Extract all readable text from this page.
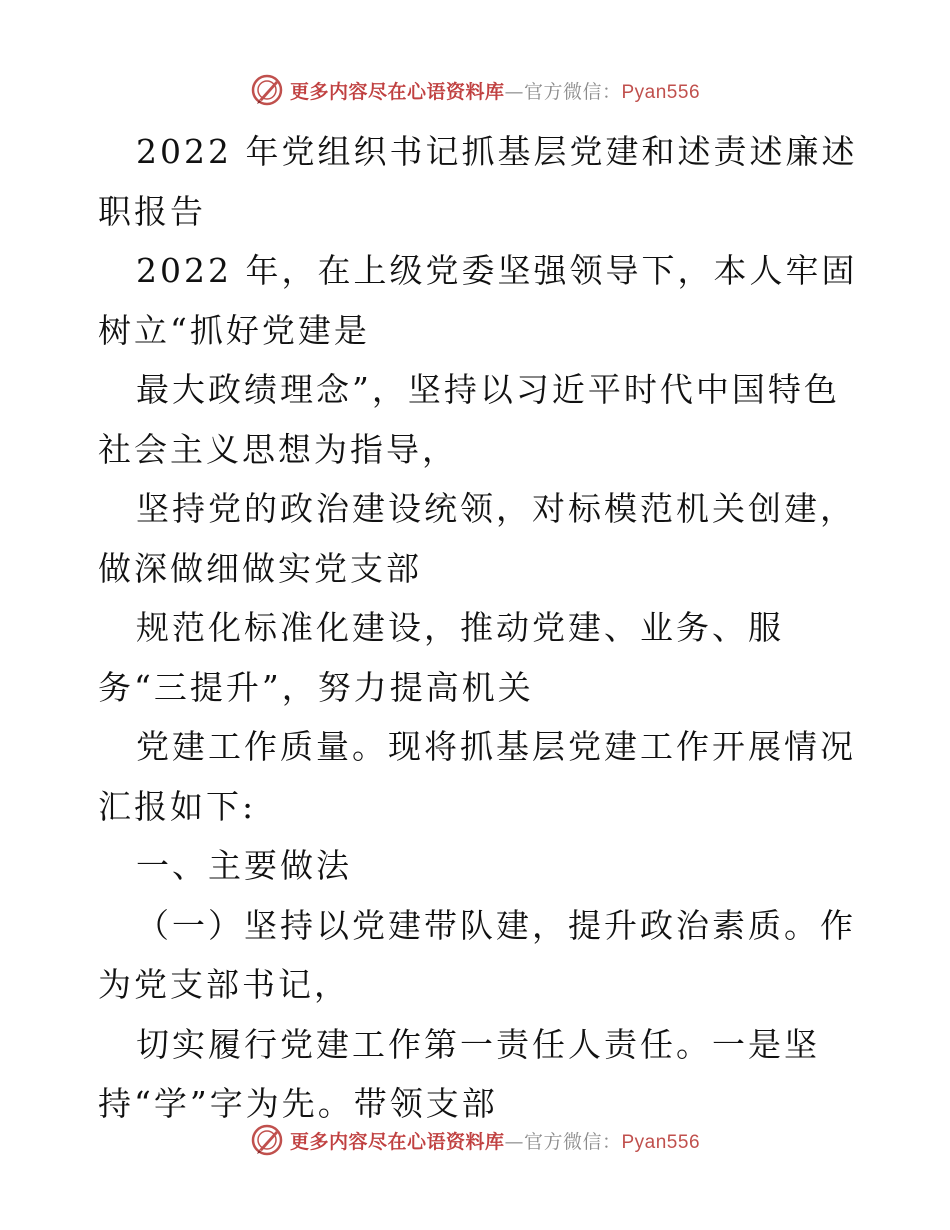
更多内容尽在心语资料库—官方微信：Pyan556

2022 年党组织书记抓基层党建和述责述廉述职报告

2022 年，在上级党委坚强领导下，本人牢固树立“抓好党建是

最大政绩理念”，坚持以习近平时代中国特色社会主义思想为指导，

坚持党的政治建设统领，对标模范机关创建，做深做细做实党支部

规范化标准化建设，推动党建、业务、服务“三提升”，努力提高机关

党建工作质量。现将抓基层党建工作开展情况汇报如下:

一、主要做法

（一）坚持以党建带队建，提升政治素质。作为党支部书记，

切实履行党建工作第一责任人责任。一是坚持“学”字为先。带领支部

更多内容尽在心语资料库—官方微信：Pyan556
